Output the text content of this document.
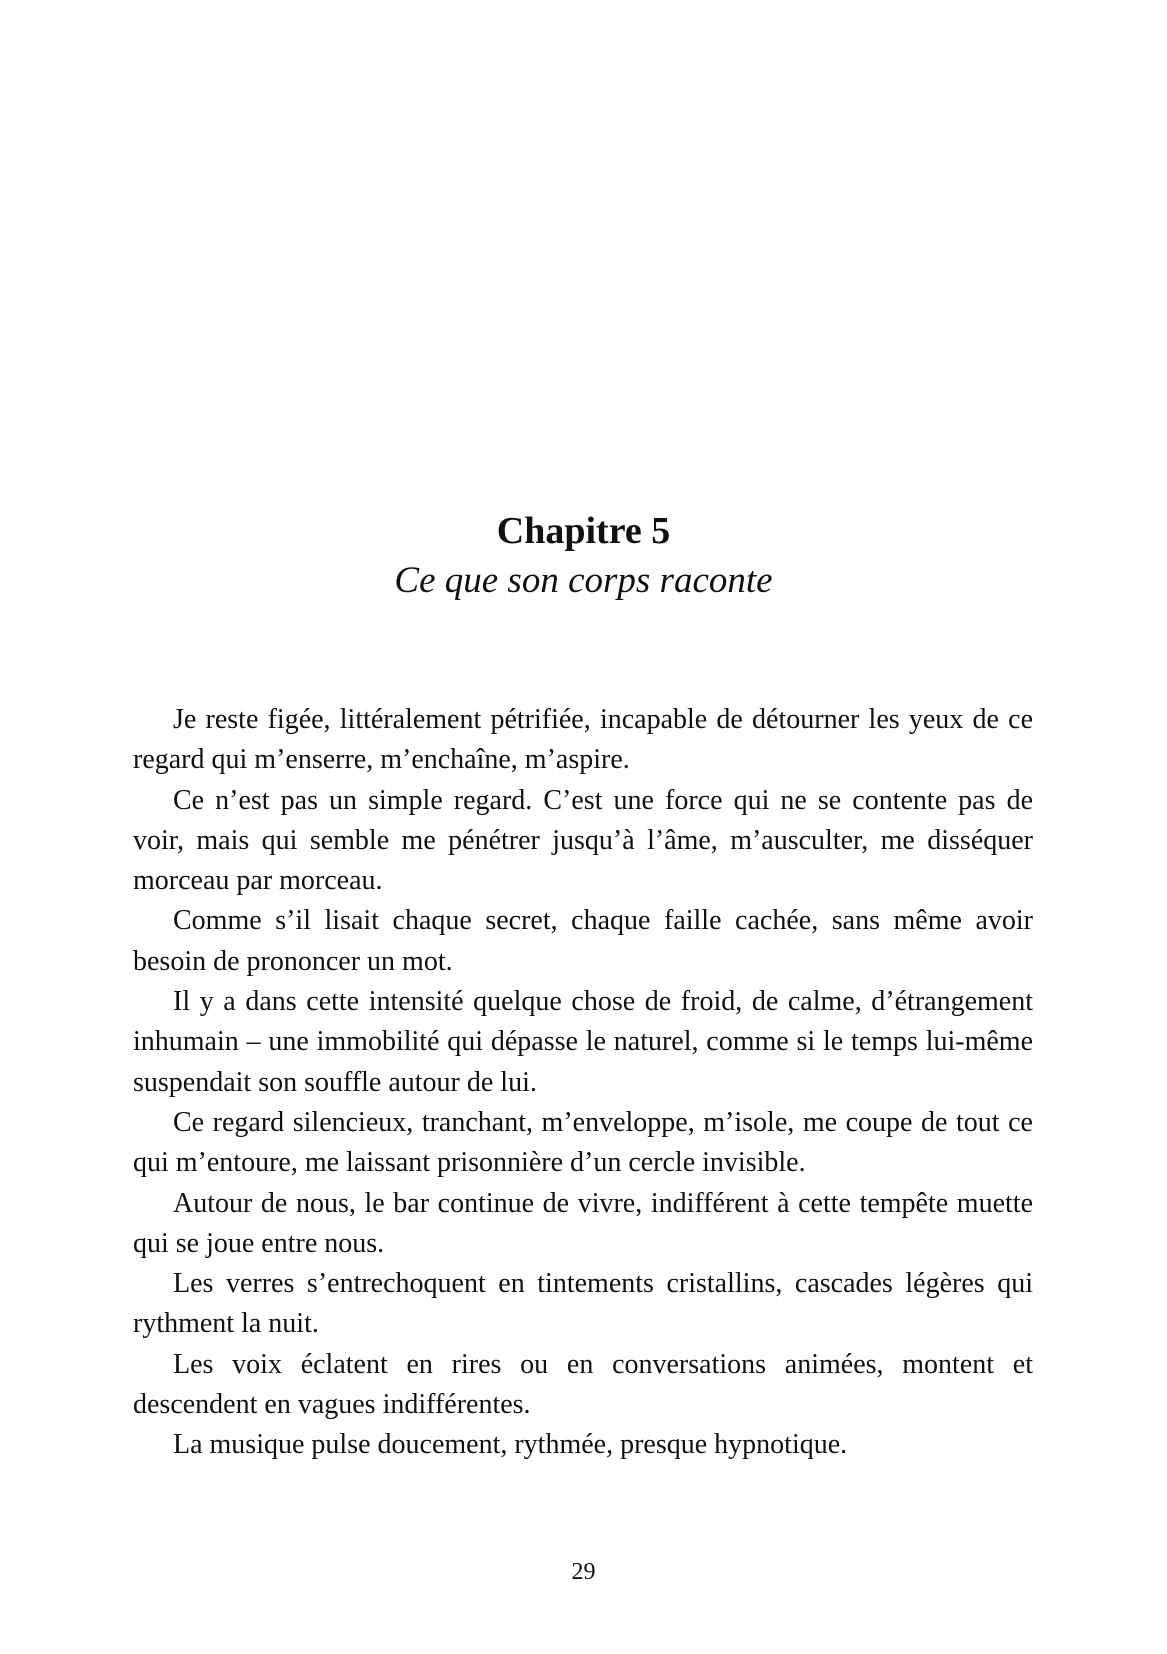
Chapitre 5

Ce que son corps raconte

Je reste figée, littéralement pétrifiée, incapable de détourner les yeux de ce regard qui m’enserre, m’enchaîne, m’aspire.

Ce n’est pas un simple regard. C’est une force qui ne se contente pas de voir, mais qui semble me pénétrer jusqu’à l’âme, m’ausculter, me disséquer morceau par morceau.

Comme s’il lisait chaque secret, chaque faille cachée, sans même avoir besoin de prononcer un mot.

Il y a dans cette intensité quelque chose de froid, de calme, d’étrangement inhumain – une immobilité qui dépasse le naturel, comme si le temps lui-même suspendait son souffle autour de lui.

Ce regard silencieux, tranchant, m’enveloppe, m’isole, me coupe de tout ce qui m’entoure, me laissant prisonnière d’un cercle invisible.

Autour de nous, le bar continue de vivre, indifférent à cette tempête muette qui se joue entre nous.

Les verres s’entrechoquent en tintements cristallins, cascades légères qui rythment la nuit.

Les voix éclatent en rires ou en conversations animées, montent et descendent en vagues indifférentes.

La musique pulse doucement, rythmée, presque hypnotique.

29
